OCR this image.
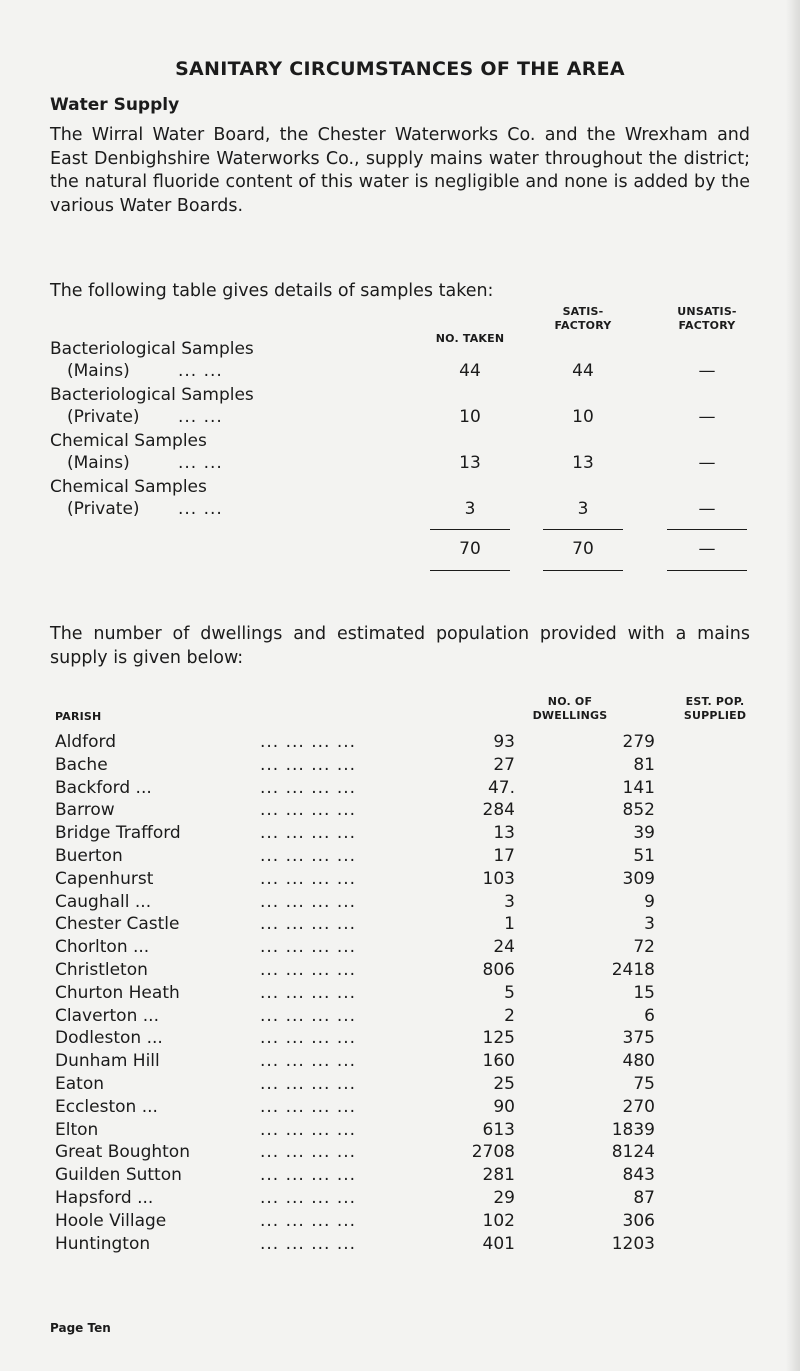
SANITARY CIRCUMSTANCES OF THE AREA
Water Supply
The Wirral Water Board, the Chester Waterworks Co. and the Wrexham and East Denbighshire Waterworks Co., supply mains water throughout the district; the natural fluoride content of this water is negligible and none is added by the various Water Boards.
The following table gives details of samples taken:

NO. TAKEN
SATIS-
FACTORY
UNSATIS-
FACTORY
Bacteriological Samples
(Mains)	... ...	44	44	—
Bacteriological Samples
(Private) ... ...	10	10	—
Chemical Samples
(Mains)	... ...	13	13	—
Chemical Samples
(Private) ... ...	3	3	—
70	70	—
The number of dwellings and estimated population provided with a mains supply is given below:
PARISH
NO. OF
DWELLINGS
EST. POP.
SUPPLIED
Aldford	... ... ... ...	93	279
Bache	... ... ... ...	27	81
Backford ...	... ... ... ...	47.	141
Barrow	... ... ... ...	284	852
Bridge Trafford	... ... ... ...	13	39
Buerton	... ... ... ...	17	51
Capenhurst	... ... ... ...	103	309
Caughall ...	... ... ... ...	3	9
Chester Castle	... ... ... ...	1	3
Chorlton ...	... ... ... ...	24	72
Christleton	... ... ... ...	806	2418
Churton Heath	... ... ... ...	5	15
Claverton ...	... ... ... ...	2	6
Dodleston ...	... ... ... ...	125	375
Dunham Hill	... ... ... ...	160	480
Eaton	... ... ... ...	25	75
Eccleston ...	... ... ... ...	90	270
Elton	... ... ... ...	613	1839
Great Boughton	... ... ... ...	2708	8124
Guilden Sutton	... ... ... ...	281	843
Hapsford ...	... ... ... ...	29	87
Hoole Village	... ... ... ...	102	306
Huntington	... ... ... ...	401	1203
Page Ten
